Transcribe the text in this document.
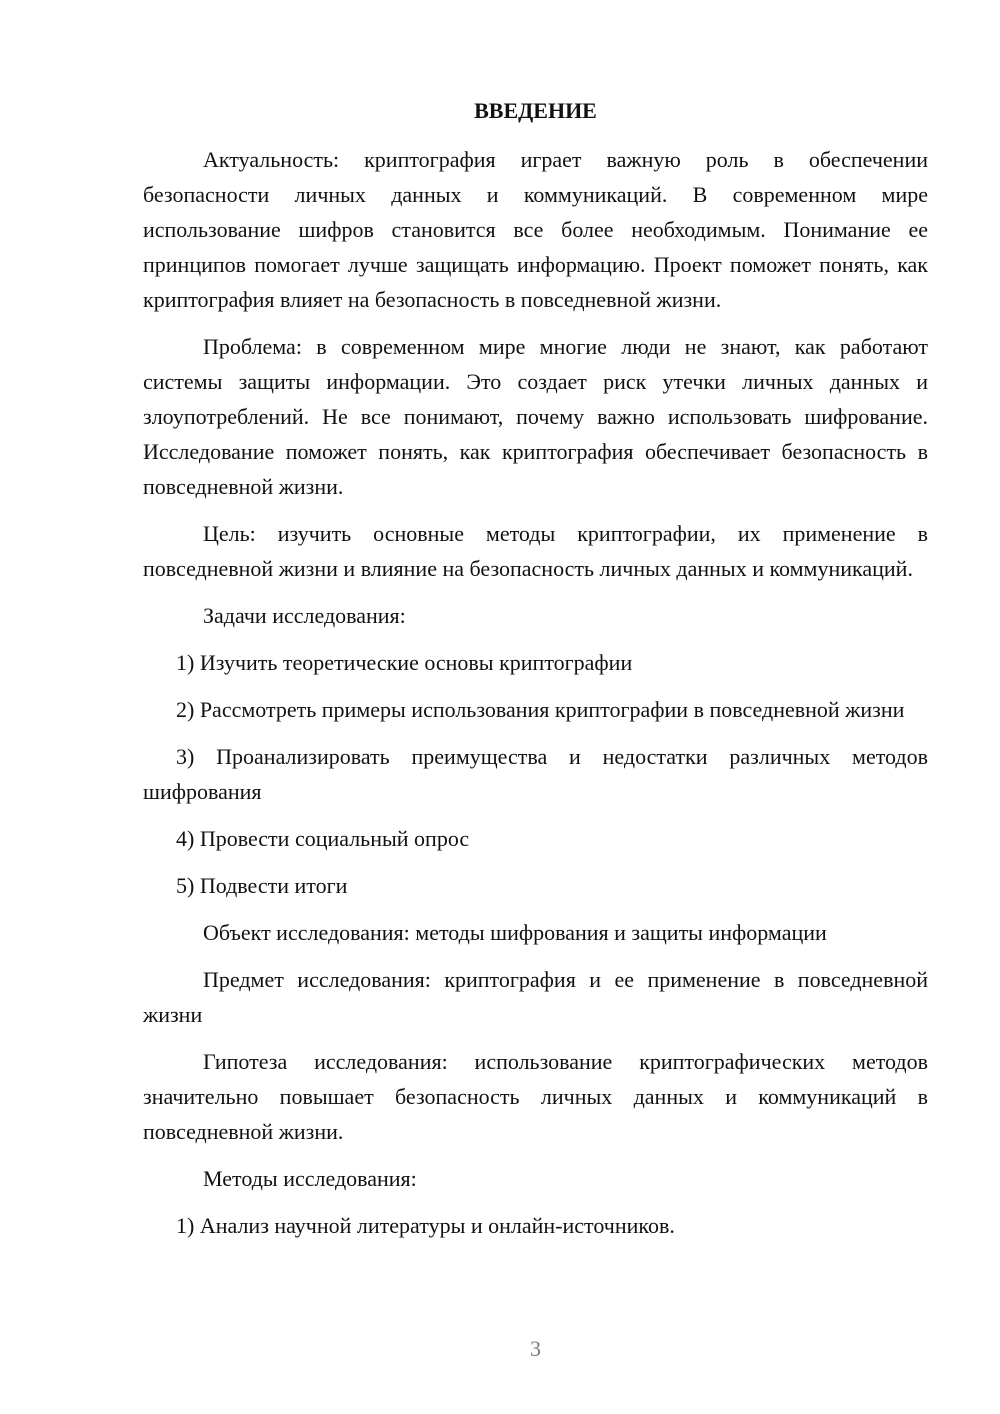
ВВЕДЕНИЕ

Актуальность: криптография играет важную роль в обеспечении безопасности личных данных и коммуникаций. В современном мире использование шифров становится все более необходимым. Понимание ее принципов помогает лучше защищать информацию. Проект поможет понять, как криптография влияет на безопасность в повседневной жизни.

Проблема: в современном мире многие люди не знают, как работают системы защиты информации. Это создает риск утечки личных данных и злоупотреблений. Не все понимают, почему важно использовать шифрование. Исследование поможет понять, как криптография обеспечивает безопасность в повседневной жизни.

Цель: изучить основные методы криптографии, их применение в повседневной жизни и влияние на безопасность личных данных и коммуникаций.

Задачи исследования:

1) Изучить теоретические основы криптографии

2) Рассмотреть примеры использования криптографии в повседневной жизни

3) Проанализировать преимущества и недостатки различных методов шифрования

4) Провести социальный опрос

5) Подвести итоги

Объект исследования: методы шифрования и защиты информации

Предмет исследования: криптография и ее применение в повседневной жизни

Гипотеза исследования: использование криптографических методов значительно повышает безопасность личных данных и коммуникаций в повседневной жизни.

Методы исследования:

1) Анализ научной литературы и онлайн-источников.

3
